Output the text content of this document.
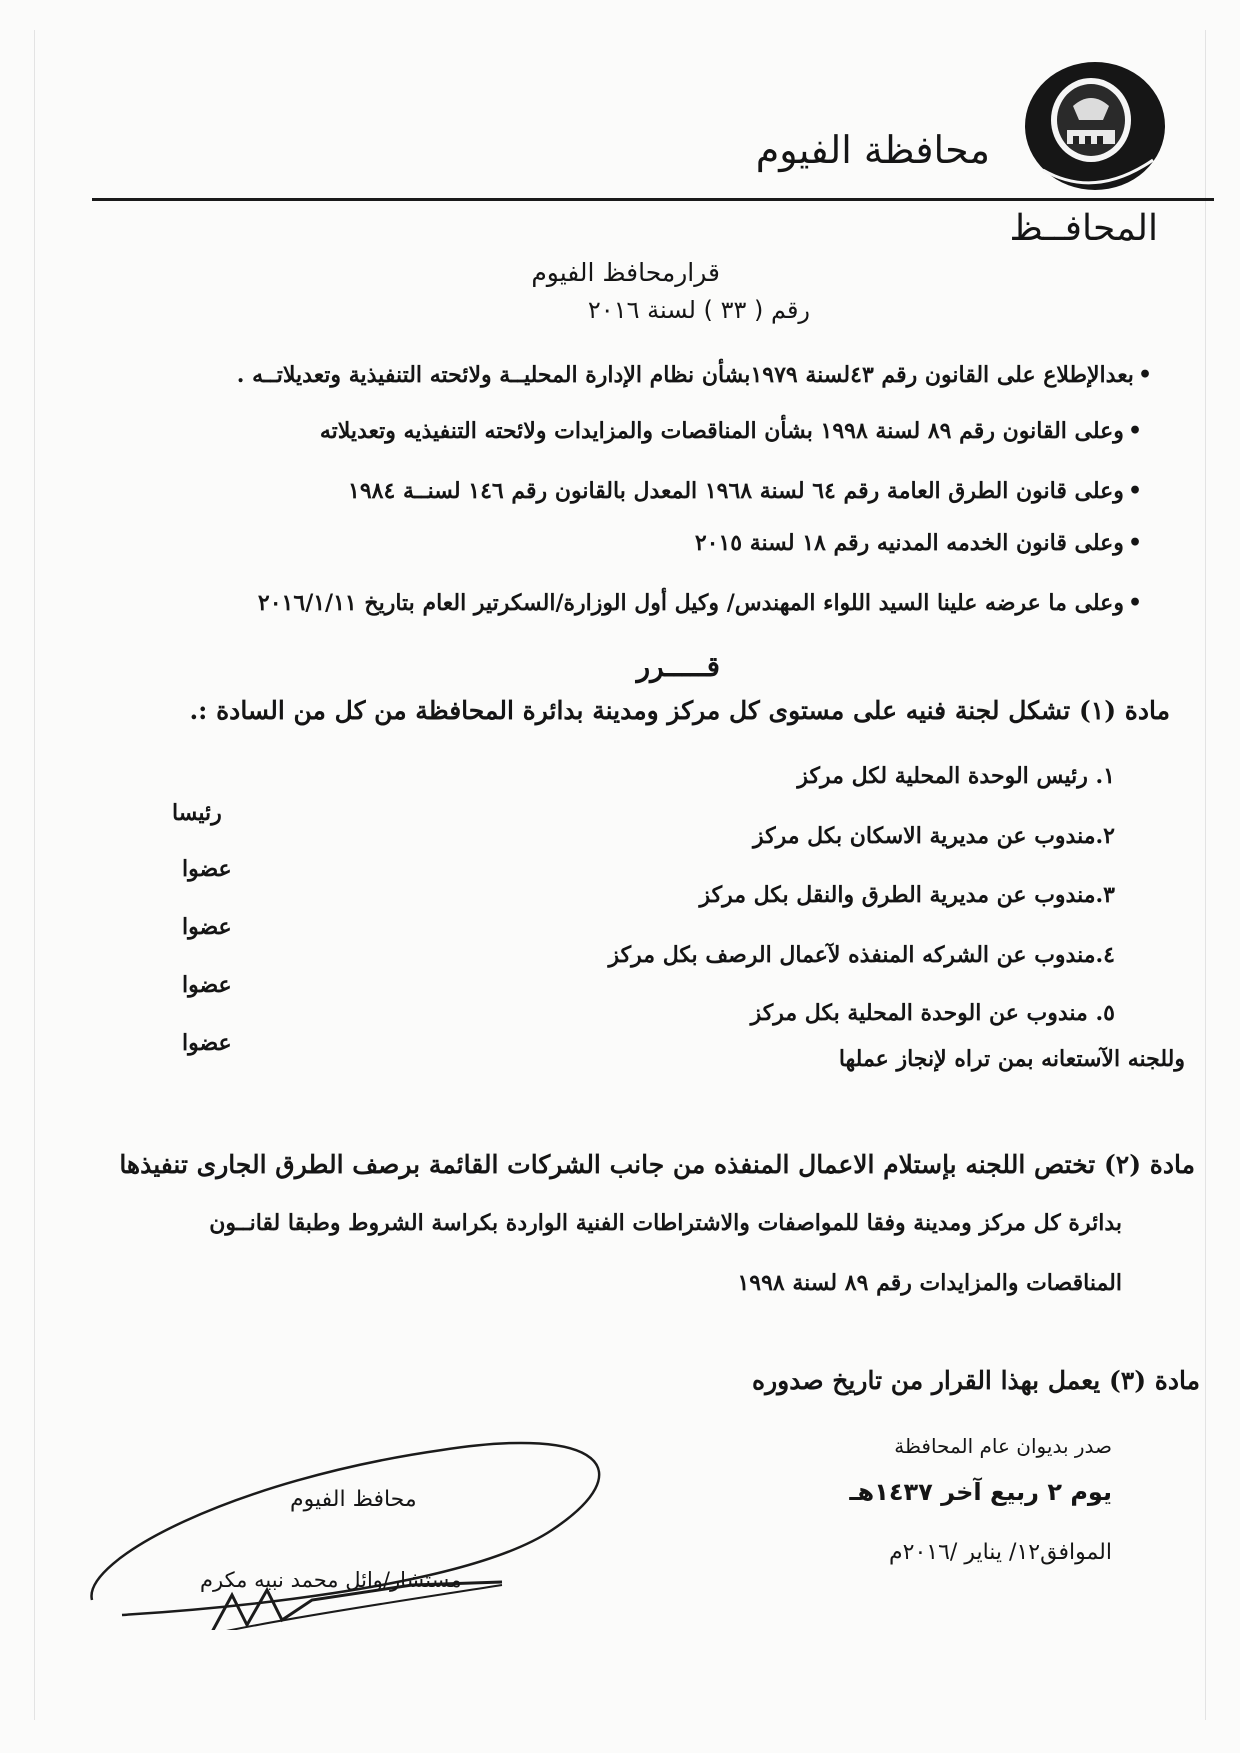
محافظة الفيوم
المحافــظ
قرارمحافظ الفيوم
رقم ( ٣٣ ) لسنة ٢٠١٦
• بعدالإطلاع على القانون رقم ٤٣لسنة ١٩٧٩بشأن نظام الإدارة المحليــة ولائحته التنفيذية وتعديلاتــه .
• وعلى القانون رقم ٨٩ لسنة ١٩٩٨ بشأن المناقصات والمزايدات ولائحته التنفيذيه وتعديلاته
• وعلى قانون الطرق العامة رقم ٦٤ لسنة ١٩٦٨ المعدل بالقانون رقم ١٤٦ لسنــة ١٩٨٤
• وعلى قانون الخدمه المدنيه رقم ١٨ لسنة ٢٠١٥
• وعلى ما عرضه علينا السيد اللواء المهندس/ وكيل أول الوزارة/السكرتير العام بتاريخ ٢٠١٦/١/١١
قـــــرر
مادة (١) تشكل لجنة فنيه على مستوى كل مركز ومدينة بدائرة المحافظة من كل من السادة :.
١. رئيس الوحدة المحلية لكل مركز
٢.مندوب عن مديرية الاسكان بكل مركز
٣.مندوب عن مديرية الطرق والنقل بكل مركز
٤.مندوب عن الشركه المنفذه لآعمال الرصف بكل مركز
٥. مندوب عن الوحدة المحلية بكل مركز
رئيسا
عضوا
عضوا
عضوا
عضوا
وللجنه الآستعانه بمن تراه لإنجاز عملها
مادة (٢) تختص اللجنه بإستلام الاعمال المنفذه من جانب الشركات القائمة برصف الطرق الجارى تنفيذها
بدائرة كل مركز ومدينة وفقا للمواصفات والاشتراطات الفنية الواردة بكراسة الشروط وطبقا لقانــون
المناقصات والمزايدات رقم ٨٩ لسنة ١٩٩٨
مادة (٣) يعمل بهذا القرار من تاريخ صدوره
صدر بديوان عام المحافظة
يوم ٢ ربيع آخر ١٤٣٧هـ
الموافق١٢/ يناير /٢٠١٦م
محافظ الفيوم
مستشار/وائل محمد نبيه مكرم
